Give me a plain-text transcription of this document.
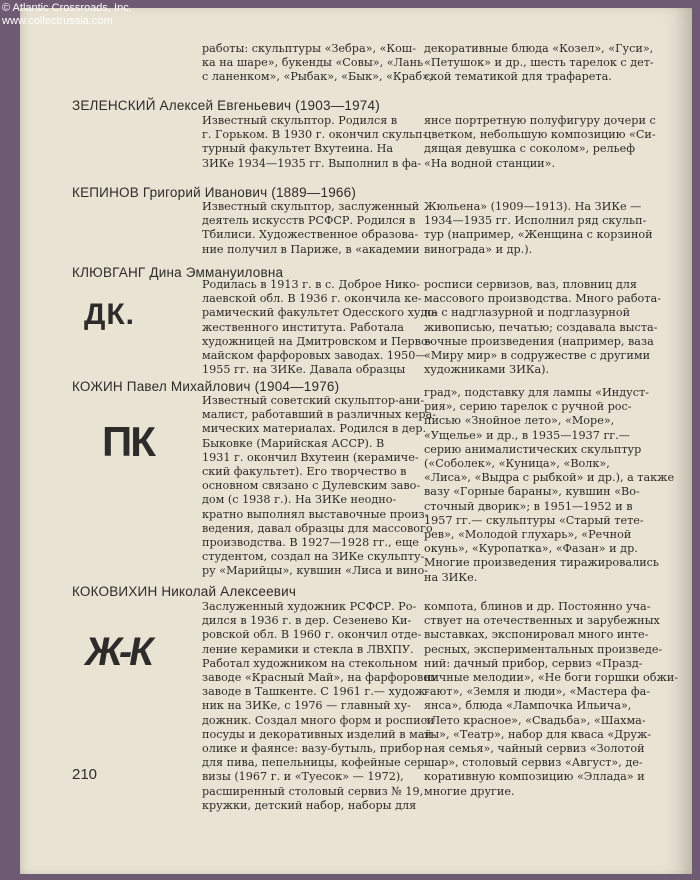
© Atlantic Crossroads, Inc.
www.collectrussia.com
работы: скульптуры «Зебра», «Кош-
ка на шаре», букенды «Совы», «Лань
с ланенком», «Рыбак», «Бык», «Краб»,
декоративные блюда «Козел», «Гуси»,
«Петушок» и др., шесть тарелок с дет-
ской тематикой для трафарета.
ЗЕЛЕНСКИЙ Алексей Евгеньевич (1903—1974)
Известный скульптор. Родился в
г. Горьком. В 1930 г. окончил скульп-
турный факультет Вхутеина. На
ЗИКе 1934—1935 гг. Выполнил в фа-
янсе портретную полуфигуру дочери с
цветком, небольшую композицию «Си-
дящая девушка с соколом», рельеф
«На водной станции».
КЕПИНОВ Григорий Иванович (1889—1966)
Известный скульптор, заслуженный
деятель искусств РСФСР. Родился в
Тбилиси. Художественное образова-
ние получил в Париже, в «академии
Жюльена» (1909—1913). На ЗИКе —
1934—1935 гг. Исполнил ряд скульп-
тур (например, «Женщина с корзиной
винограда» и др.).
КЛЮВГАНГ Дина Эммануиловна
ДК.
Родилась в 1913 г. в с. Доброе Нико-
лаевской обл. В 1936 г. окончила ке-
рамический факультет Одесского худо-
жественного института. Работала
художницей на Дмитровском и Перво-
майском фарфоровых заводах. 1950—
1955 гг. на ЗИКе. Давала образцы
росписи сервизов, ваз, пловниц для
массового производства. Много работа-
ла с надглазурной и подглазурной
живописью, печатью; создавала выста-
вочные произведения (например, ваза
«Миру мир» в содружестве с другими
художниками ЗИКа).
КОЖИН Павел Михайлович (1904—1976)
ПК
Известный советский скульптор-ани-
малист, работавший в различных кера-
мических материалах. Родился в дер.
Быковке (Марийская АССР). В
1931 г. окончил Вхутеин (керамиче-
ский факультет). Его творчество в
основном связано с Дулевским заво-
дом (с 1938 г.). На ЗИКе неодно-
кратно выполнял выставочные произ-
ведения, давал образцы для массового
производства. В 1927—1928 гг., еще
студентом, создал на ЗИКе скульпту-
ру «Марийцы», кувшин «Лиса и вино-
град», подставку для лампы «Индуст-
рия», серию тарелок с ручной рос-
писью «Знойное лето», «Море»,
«Ущелье» и др., в 1935—1937 гг.—
серию анималистических скульптур
(«Соболек», «Куница», «Волк»,
«Лиса», «Выдра с рыбкой» и др.), а также
вазу «Горные бараны», кувшин «Во-
сточный дворик»; в 1951—1952 и в
1957 гг.— скульптуры «Старый тете-
рев», «Молодой глухарь», «Речной
окунь», «Куропатка», «Фазан» и др.
Многие произведения тиражировались
на ЗИКе.
КОКОВИХИН Николай Алексеевич
Ж-К
Заслуженный художник РСФСР. Ро-
дился в 1936 г. в дер. Сезенево Ки-
ровской обл. В 1960 г. окончил отде-
ление керамики и стекла в ЛВХПУ.
Работал художником на стекольном
заводе «Красный Май», на фарфоровом
заводе в Ташкенте. С 1961 г.— худож-
ник на ЗИКе, с 1976 — главный ху-
дожник. Создал много форм и росписи
посуды и декоративных изделий в май-
олике и фаянсе: вазу-бутыль, прибор
для пива, пепельницы, кофейные сер-
визы (1967 г. и «Туесок» — 1972),
расширенный столовый сервиз № 19,
кружки, детский набор, наборы для
компота, блинов и др. Постоянно уча-
ствует на отечественных и зарубежных
выставках, экспонировал много инте-
ресных, экспериментальных произведе-
ний: дачный прибор, сервиз «Празд-
ничные мелодии», «Не боги горшки обжи-
гают», «Земля и люди», «Мастера фа-
янса», блюда «Лампочка Ильича»,
«Лето красное», «Свадьба», «Шахма-
ты», «Театр», набор для кваса «Друж-
ная семья», чайный сервиз «Золотой
шар», столовый сервиз «Август», де-
коративную композицию «Эллада» и
многие другие.
210
